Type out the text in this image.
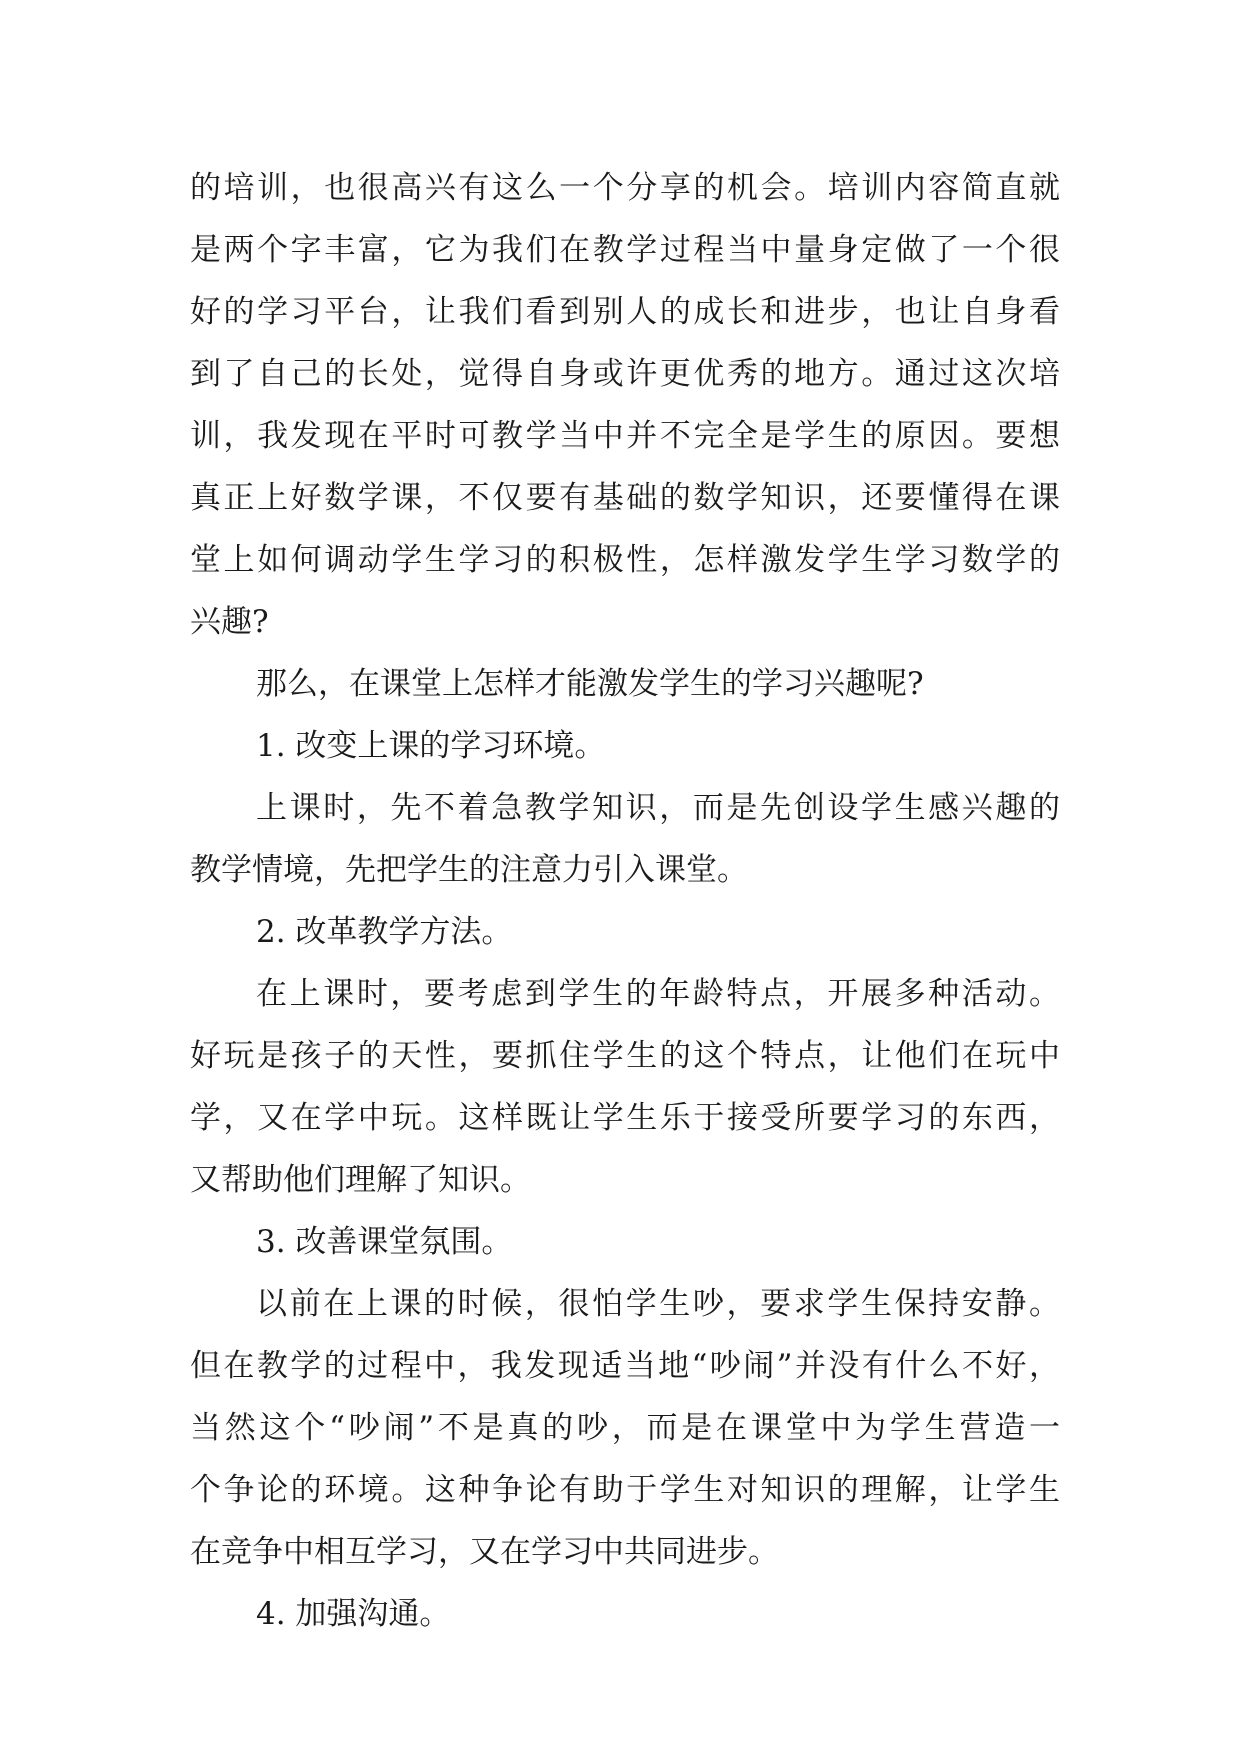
的培训，也很高兴有这么一个分享的机会。培训内容简直就
是两个字丰富，它为我们在教学过程当中量身定做了一个很
好的学习平台，让我们看到别人的成长和进步，也让自身看
到了自己的长处，觉得自身或许更优秀的地方。通过这次培
训，我发现在平时可教学当中并不完全是学生的原因。要想
真正上好数学课，不仅要有基础的数学知识，还要懂得在课
堂上如何调动学生学习的积极性，怎样激发学生学习数学的
兴趣?
那么，在课堂上怎样才能激发学生的学习兴趣呢?
1. 改变上课的学习环境。
上课时，先不着急教学知识，而是先创设学生感兴趣的
教学情境，先把学生的注意力引入课堂。
2. 改革教学方法。
在上课时，要考虑到学生的年龄特点，开展多种活动。
好玩是孩子的天性，要抓住学生的这个特点，让他们在玩中
学，又在学中玩。这样既让学生乐于接受所要学习的东西，
又帮助他们理解了知识。
3. 改善课堂氛围。
以前在上课的时候，很怕学生吵，要求学生保持安静。
但在教学的过程中，我发现适当地“吵闹”并没有什么不好，
当然这个“吵闹”不是真的吵，而是在课堂中为学生营造一
个争论的环境。这种争论有助于学生对知识的理解，让学生
在竞争中相互学习，又在学习中共同进步。
4. 加强沟通。
